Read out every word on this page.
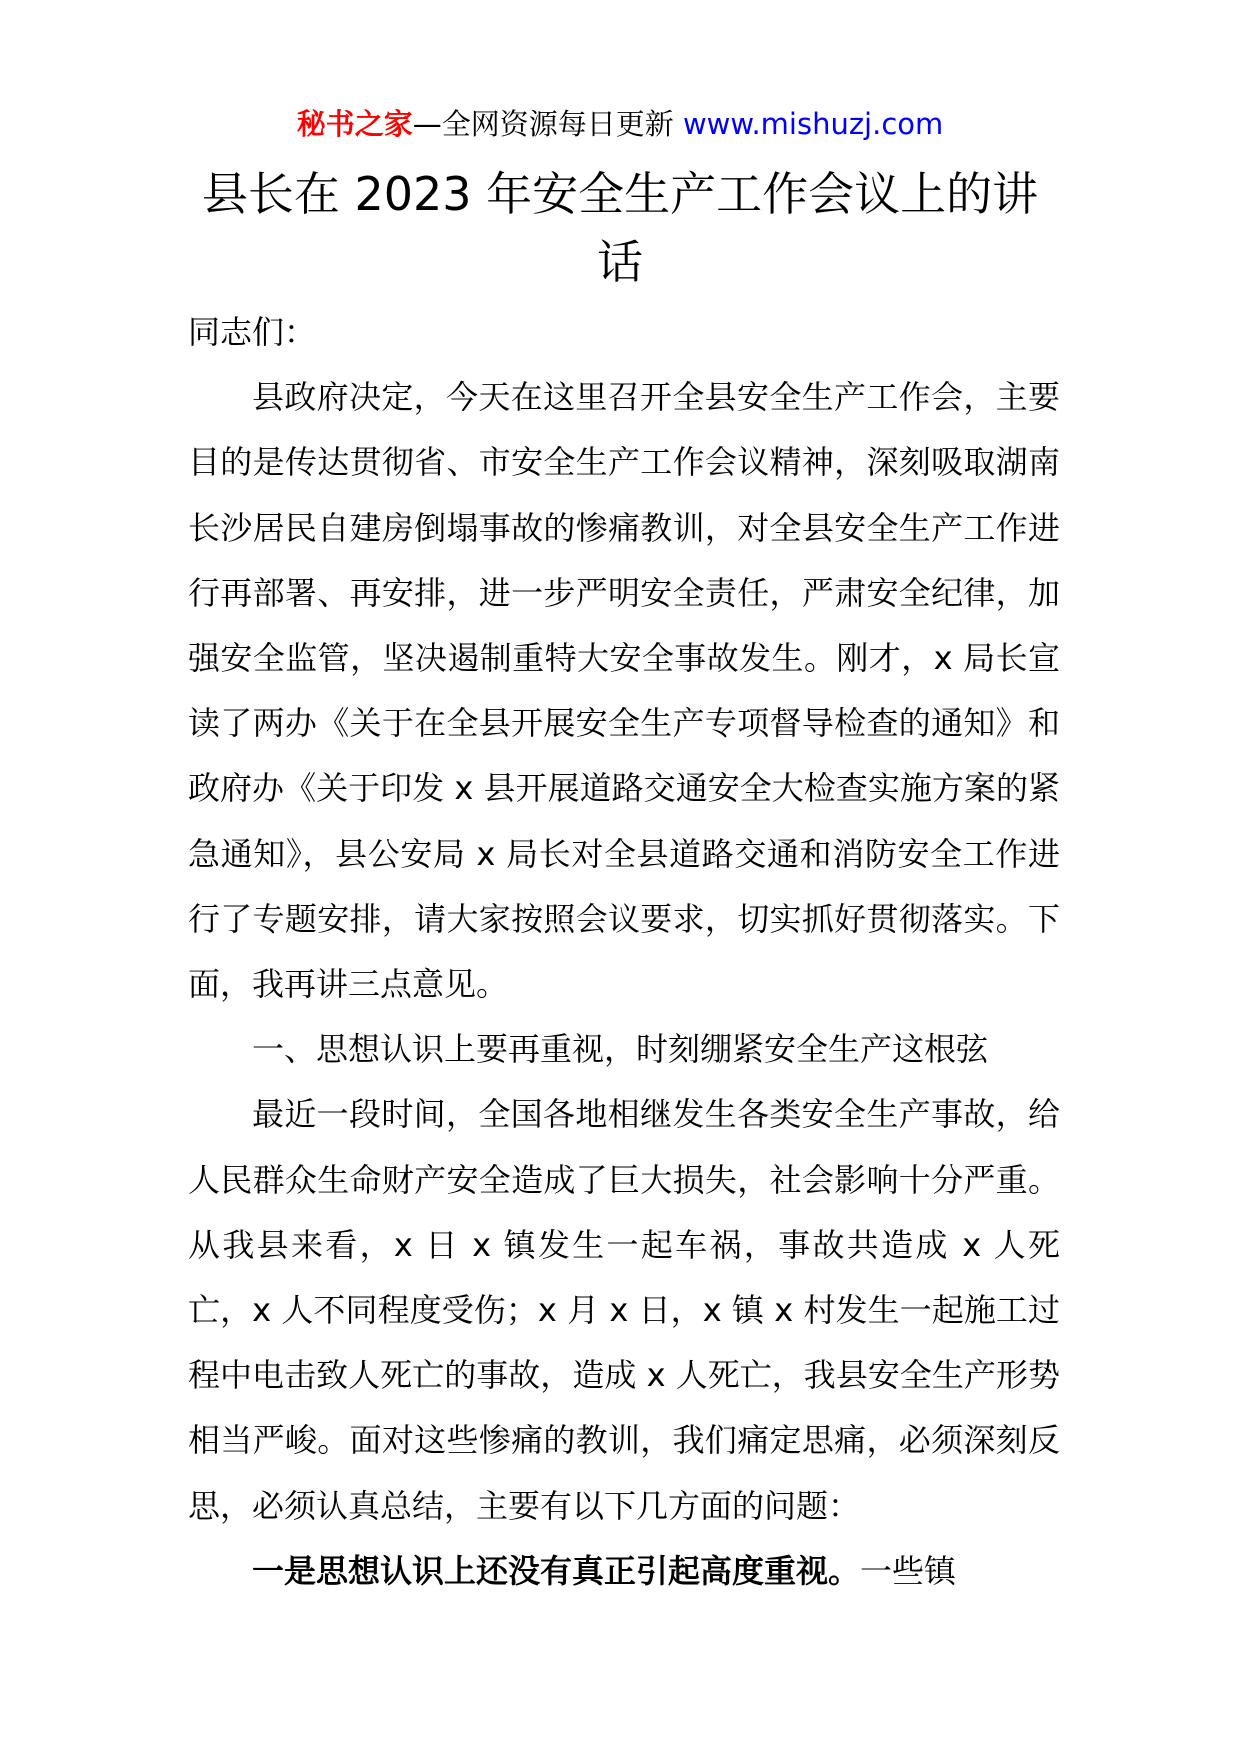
秘书之家—全网资源每日更新 www.mishuzj.com
县长在 2023 年安全生产工作会议上的讲话

同志们：

县政府决定，今天在这里召开全县安全生产工作会，主要目的是传达贯彻省、市安全生产工作会议精神，深刻吸取湖南长沙居民自建房倒塌事故的惨痛教训，对全县安全生产工作进行再部署、再安排，进一步严明安全责任，严肃安全纪律，加强安全监管，坚决遏制重特大安全事故发生。刚才，x 局长宣读了两办《关于在全县开展安全生产专项督导检查的通知》和政府办《关于印发 x 县开展道路交通安全大检查实施方案的紧急通知》，县公安局 x 局长对全县道路交通和消防安全工作进行了专题安排，请大家按照会议要求，切实抓好贯彻落实。下面，我再讲三点意见。

一、思想认识上要再重视，时刻绷紧安全生产这根弦

最近一段时间，全国各地相继发生各类安全生产事故，给人民群众生命财产安全造成了巨大损失，社会影响十分严重。从我县来看，x 日 x 镇发生一起车祸，事故共造成 x 人死亡，x 人不同程度受伤；x 月 x 日，x 镇 x 村发生一起施工过程中电击致人死亡的事故，造成 x 人死亡，我县安全生产形势相当严峻。面对这些惨痛的教训，我们痛定思痛，必须深刻反思，必须认真总结，主要有以下几方面的问题：

一是思想认识上还没有真正引起高度重视。一些镇
